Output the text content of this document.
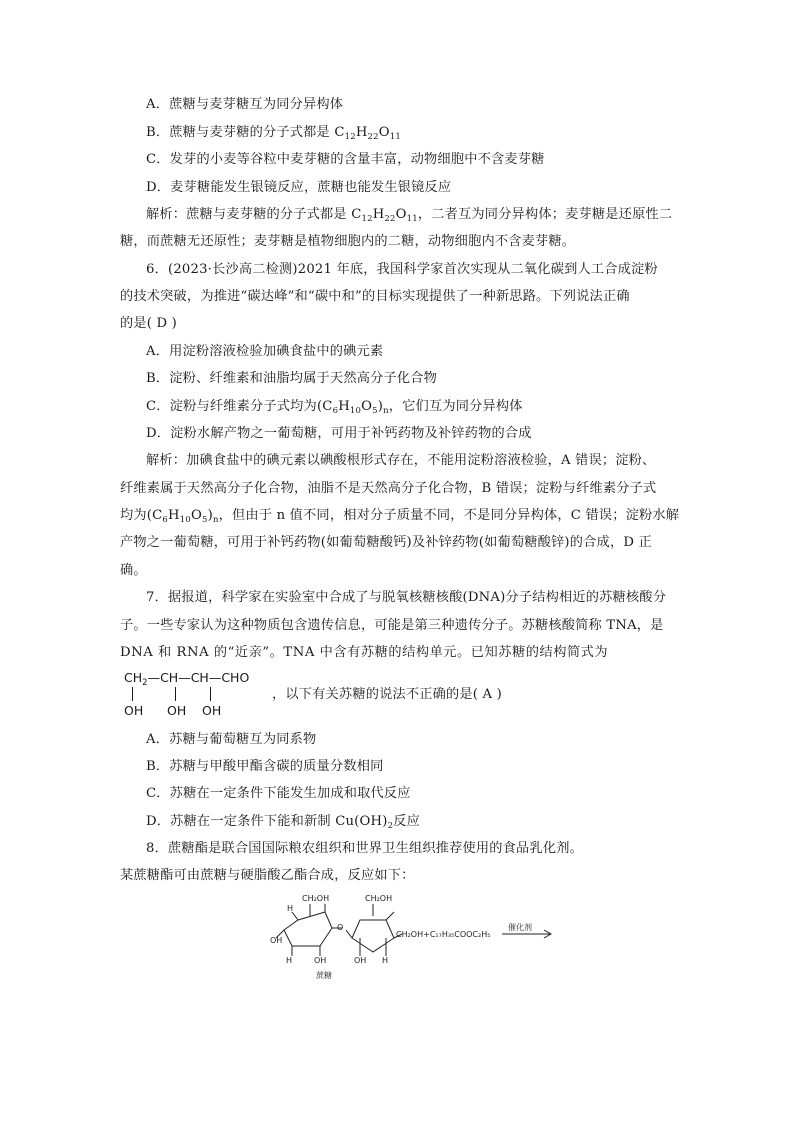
A．蔗糖与麦芽糖互为同分异构体
B．蔗糖与麦芽糖的分子式都是 $C_{12}H_{22}O_{11}$
C．发芽的小麦等谷粒中麦芽糖的含量丰富，动物细胞中不含麦芽糖
D．麦芽糖能发生银镜反应，蔗糖也能发生银镜反应
解析：蔗糖与麦芽糖的分子式都是 $C_{12}H_{22}O_{11}$，二者互为同分异构体；麦芽糖是还原性二
糖，而蔗糖无还原性；麦芽糖是植物细胞内的二糖，动物细胞内不含麦芽糖。
6．(2023·长沙高二检测)2021 年底，我国科学家首次实现从二氧化碳到人工合成淀粉
的技术突破，为推进“碳达峰”和“碳中和”的目标实现提供了一种新思路。下列说法正确
的是( D )
A．用淀粉溶液检验加碘食盐中的碘元素
B．淀粉、纤维素和油脂均属于天然高分子化合物
C．淀粉与纤维素分子式均为$(C_6H_{10}O_5)_n$，它们互为同分异构体
D．淀粉水解产物之一葡萄糖，可用于补钙药物及补锌药物的合成
解析：加碘食盐中的碘元素以碘酸根形式存在，不能用淀粉溶液检验，A 错误；淀粉、
纤维素属于天然高分子化合物，油脂不是天然高分子化合物，B 错误；淀粉与纤维素分子式
均为$(C_6H_{10}O_5)_n$，但由于 n 值不同，相对分子质量不同，不是同分异构体，C 错误；淀粉水解
产物之一葡萄糖，可用于补钙药物(如葡萄糖酸钙)及补锌药物(如葡萄糖酸锌)的合成，D 正
确。
7．据报道，科学家在实验室中合成了与脱氧核糖核酸(DNA)分子结构相近的苏糖核酸分
子。一些专家认为这种物质包含遗传信息，可能是第三种遗传分子。苏糖核酸简称 TNA，是
DNA 和 RNA 的“近亲”。TNA 中含有苏糖的结构单元。已知苏糖的结构简式为
$CH_2—CH—CH—CHO$
OH OH OH
，以下有关苏糖的说法不正确的是( A )
A．苏糖与葡萄糖互为同系物
B．苏糖与甲酸甲酯含碳的质量分数相同
C．苏糖在一定条件下能发生加成和取代反应
D．苏糖在一定条件下能和新制 $Cu(OH)_2$反应
8．蔗糖酯是联合国国际粮农组织和世界卫生组织推荐使用的食品乳化剂。
某蔗糖酯可由蔗糖与硬脂酸乙酯合成，反应如下：
CH₂OH	CH₂OH
H
O
OH
H	OH	OH H
CH₂OH+C₁₇H₃₅COOC₂H₅
催化剂
蔗糖
